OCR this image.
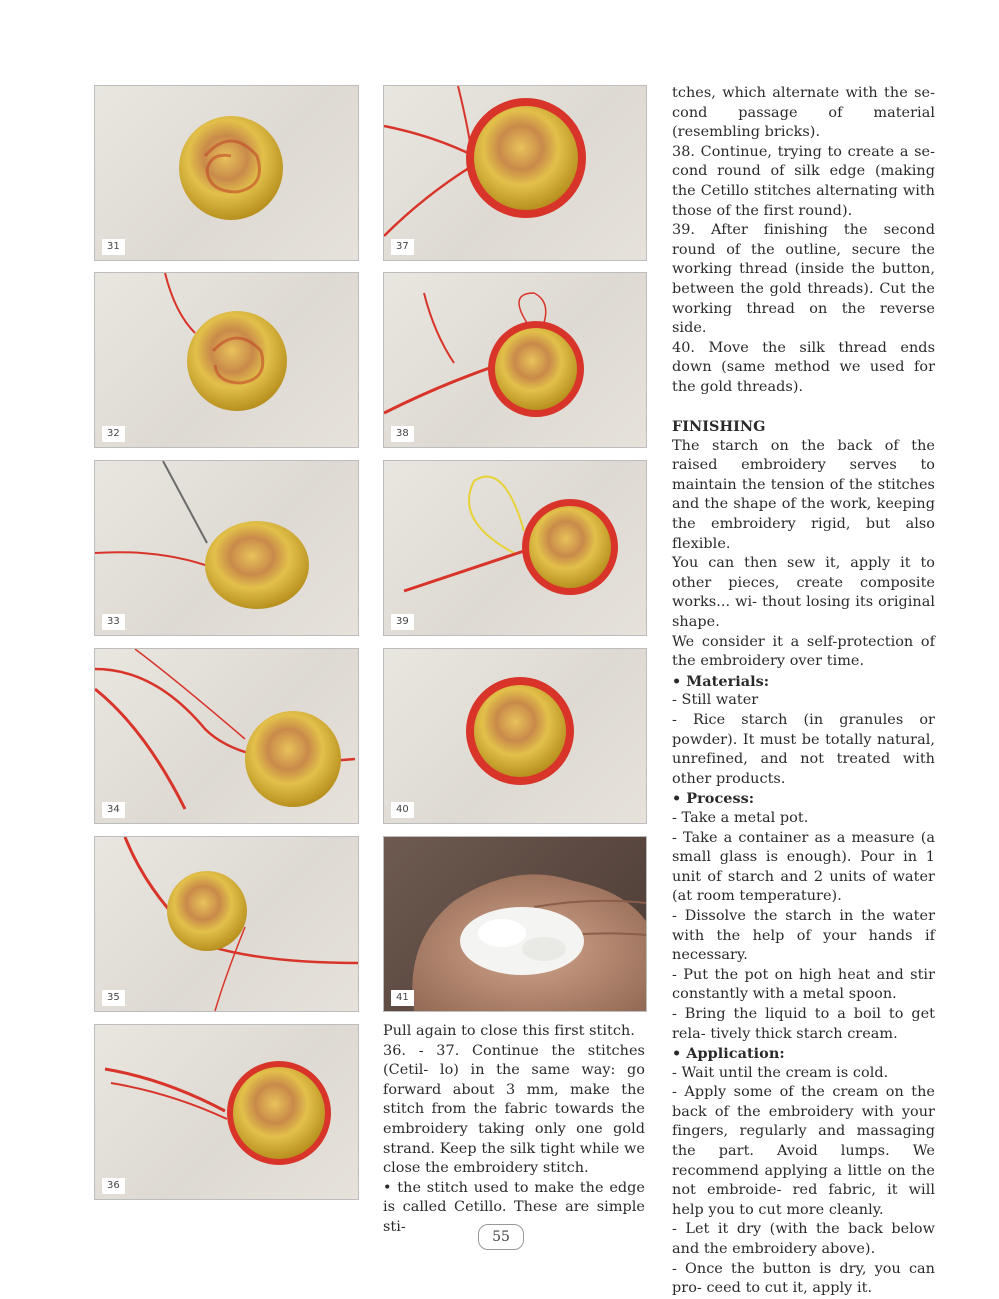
31
32
33
34
35
36
37
38
39
40
41

Pull again to close this first stitch.

36. - 37. Continue the stitches (Cetil- lo) in the same way: go forward about 3 mm, make the stitch from the fabric towards the embroidery taking only one gold strand. Keep the silk tight while we close the embroidery stitch.

• the stitch used to make the edge is called Cetillo. These are simple sti-

tches, which alternate with the se- cond passage of material (resembling bricks).

38. Continue, trying to create a se- cond round of silk edge (making the Cetillo stitches alternating with those of the first round).

39. After finishing the second round of the outline, secure the working thread (inside the button, between the gold threads). Cut the working thread on the reverse side.

40. Move the silk thread ends down (same method we used for the gold threads).

FINISHING

The starch on the back of the raised embroidery serves to maintain the tension of the stitches and the shape of the work, keeping the embroidery rigid, but also flexible.

You can then sew it, apply it to other pieces, create composite works... wi- thout losing its original shape.

We consider it a self-protection of the embroidery over time.

• Materials:

- Still water

- Rice starch (in granules or powder). It must be totally natural, unrefined, and not treated with other products.

• Process:

- Take a metal pot.

- Take a container as a measure (a small glass is enough). Pour in 1 unit of starch and 2 units of water (at room temperature).

- Dissolve the starch in the water with the help of your hands if necessary.

- Put the pot on high heat and stir constantly with a metal spoon.

- Bring the liquid to a boil to get rela- tively thick starch cream.

• Application:

- Wait until the cream is cold.

- Apply some of the cream on the back of the embroidery with your fingers, regularly and massaging the part. Avoid lumps. We recommend applying a little on the not embroide- red fabric, it will help you to cut more cleanly.

- Let it dry (with the back below and the embroidery above).

- Once the button is dry, you can pro- ceed to cut it, apply it.

55
